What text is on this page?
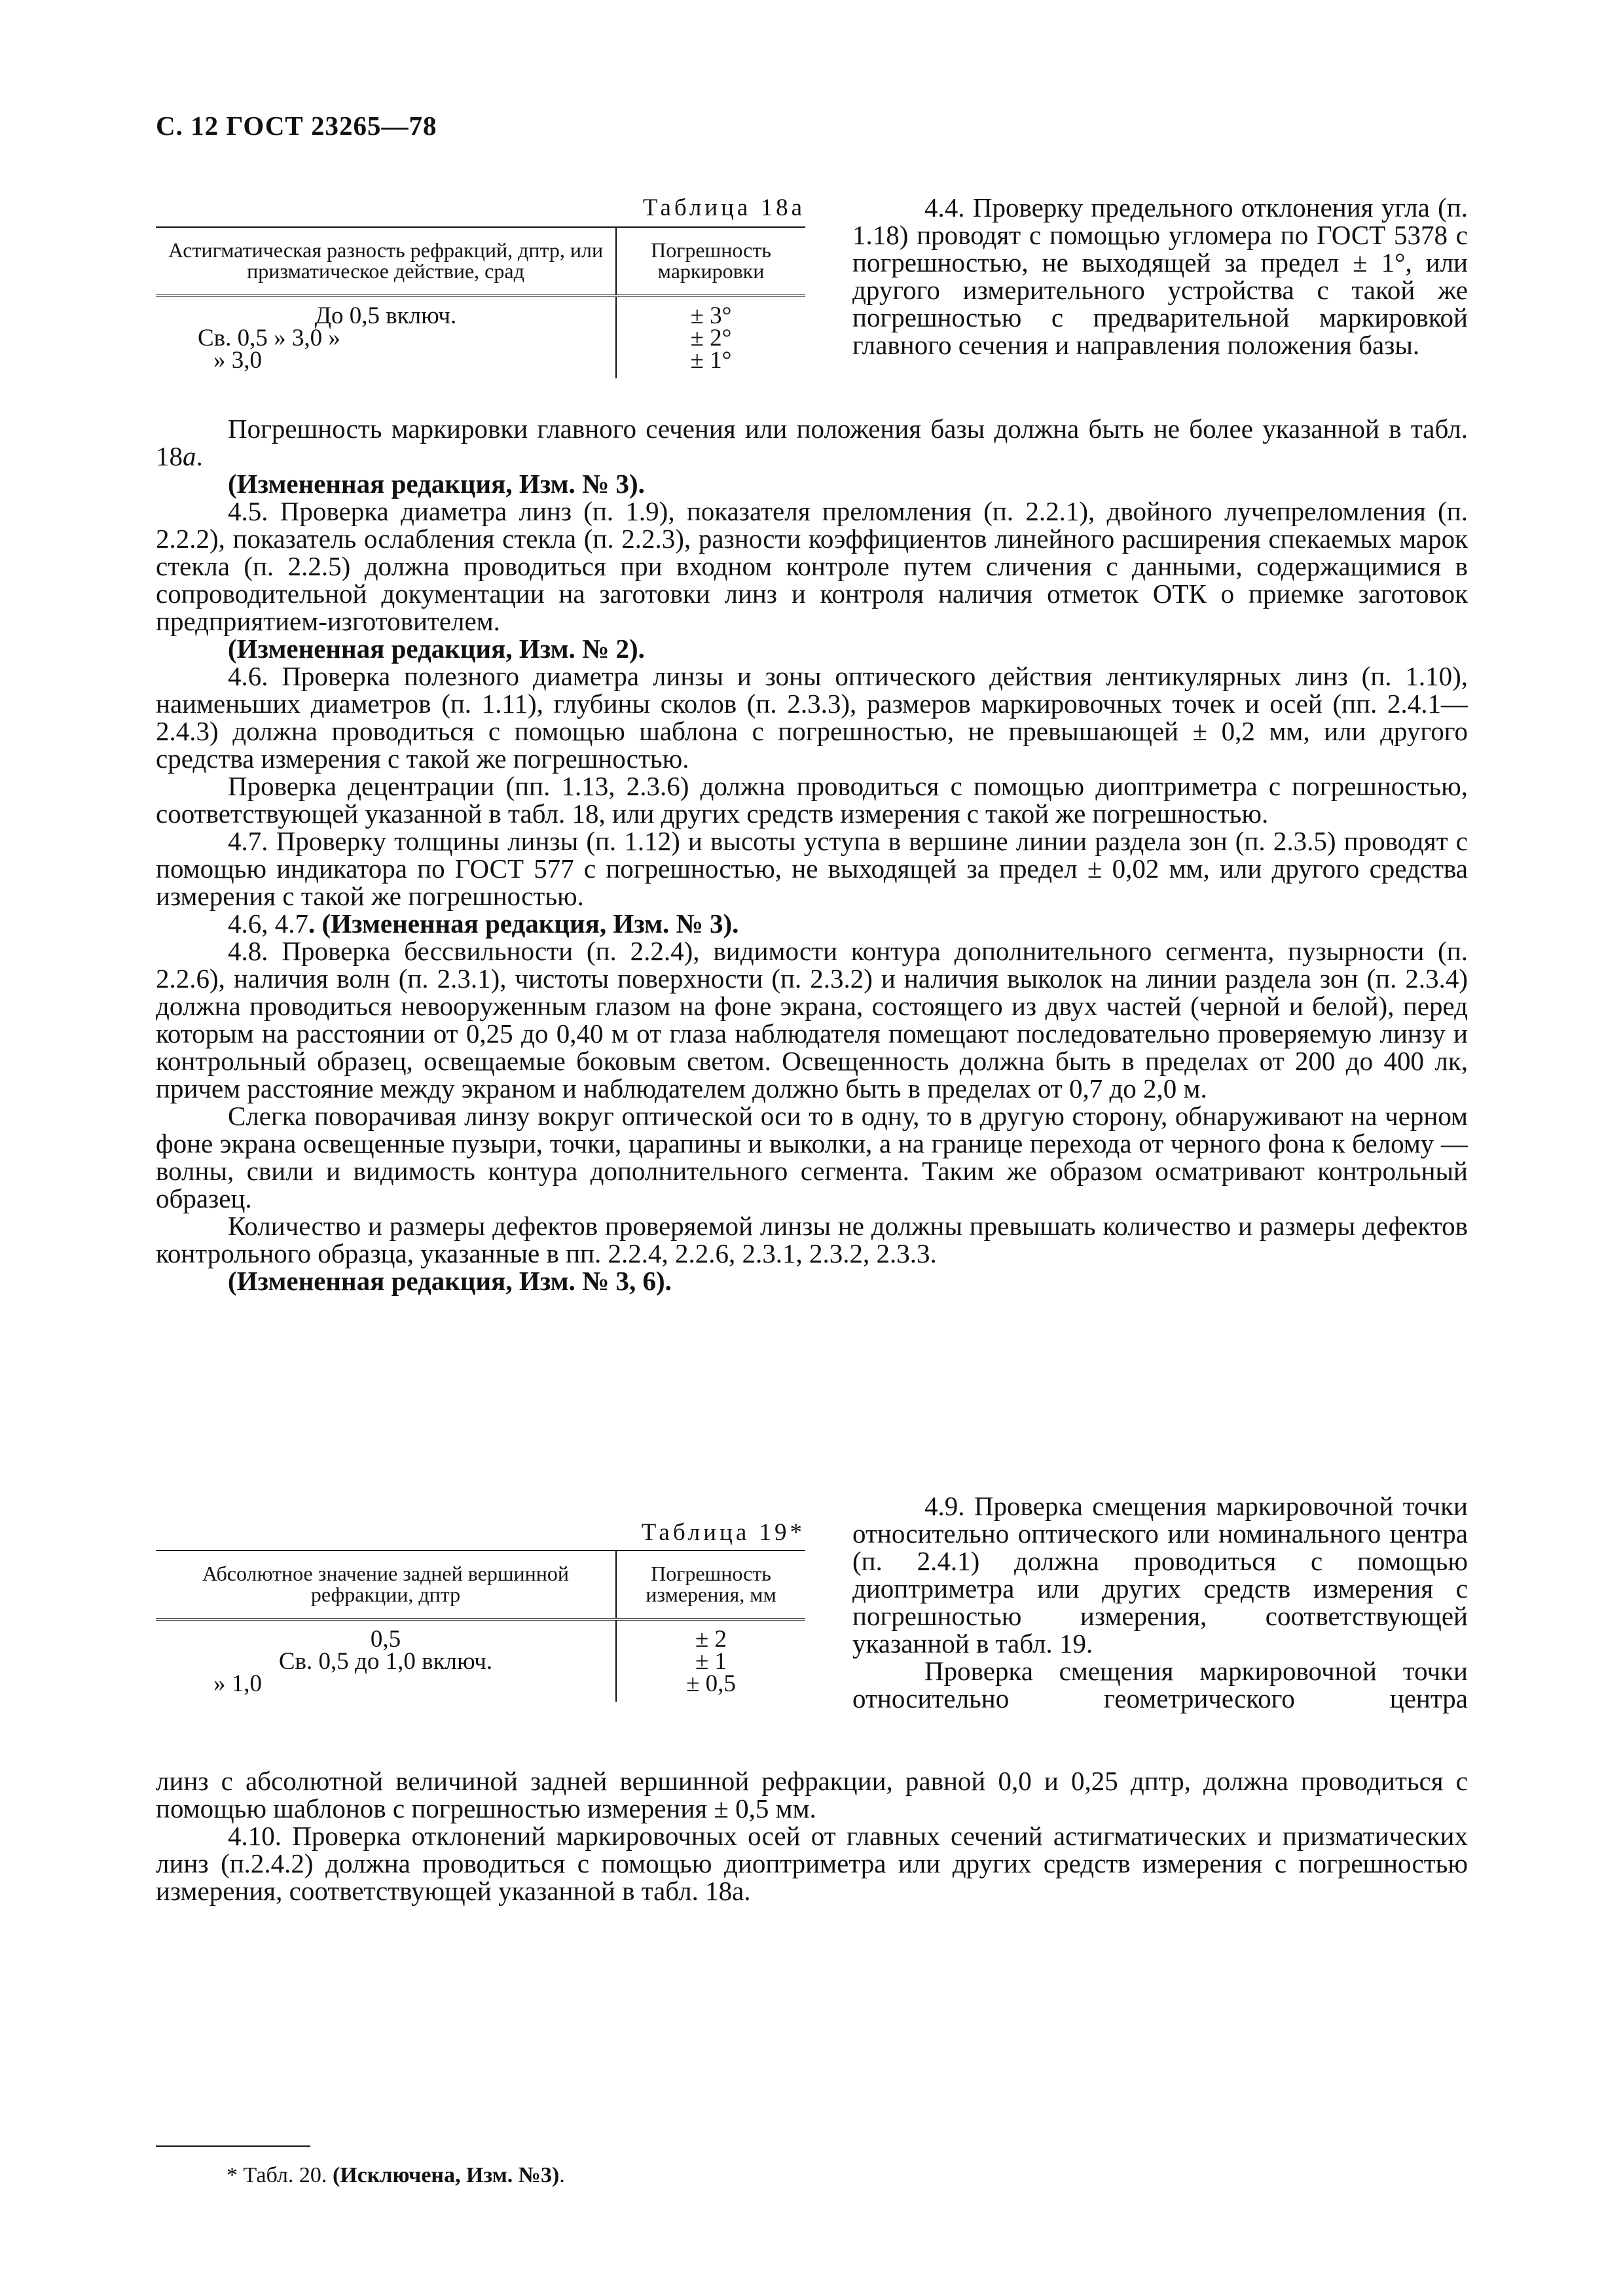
С. 12 ГОСТ 23265—78
Таблица 18а
Астигматическая разность рефракций, дптр, или призматическое действие, срад	Погрешность маркировки
До 0,5 включ.	± 3°
Св. 0,5 » 3,0 »	± 2°
» 3,0	± 1°

4.4. Проверку предельного отклонения угла (п. 1.18) проводят с помощью угломера по ГОСТ 5378 с погрешностью, не выходящей за предел ± 1°, или другого измерительного устройства с такой же погрешностью с предварительной маркировкой главного сечения и направления положения базы.

Погрешность маркировки главного сечения или положения базы должна быть не более указанной в табл. 18а.

(Измененная редакция, Изм. № 3).

4.5. Проверка диаметра линз (п. 1.9), показателя преломления (п. 2.2.1), двойного лучепреломления (п. 2.2.2), показатель ослабления стекла (п. 2.2.3), разности коэффициентов линейного расширения спекаемых марок стекла (п. 2.2.5) должна проводиться при входном контроле путем сличения с данными, содержащимися в сопроводительной документации на заготовки линз и контроля наличия отметок ОТК о приемке заготовок предприятием-изготовителем.

(Измененная редакция, Изм. № 2).

4.6. Проверка полезного диаметра линзы и зоны оптического действия лентикулярных линз (п. 1.10), наименьших диаметров (п. 1.11), глубины сколов (п. 2.3.3), размеров маркировочных точек и осей (пп. 2.4.1—2.4.3) должна проводиться с помощью шаблона с погрешностью, не превышающей ± 0,2 мм, или другого средства измерения с такой же погрешностью.

Проверка децентрации (пп. 1.13, 2.3.6) должна проводиться с помощью диоптриметра с погрешностью, соответствующей указанной в табл. 18, или других средств измерения с такой же погрешностью.

4.7. Проверку толщины линзы (п. 1.12) и высоты уступа в вершине линии раздела зон (п. 2.3.5) проводят с помощью индикатора по ГОСТ 577 с погрешностью, не выходящей за предел ± 0,02 мм, или другого средства измерения с такой же погрешностью.

4.6, 4.7. (Измененная редакция, Изм. № 3).

4.8. Проверка бессвильности (п. 2.2.4), видимости контура дополнительного сегмента, пузырности (п. 2.2.6), наличия волн (п. 2.3.1), чистоты поверхности (п. 2.3.2) и наличия выколок на линии раздела зон (п. 2.3.4) должна проводиться невооруженным глазом на фоне экрана, состоящего из двух частей (черной и белой), перед которым на расстоянии от 0,25 до 0,40 м от глаза наблюдателя помещают последовательно проверяемую линзу и контрольный образец, освещаемые боковым светом. Освещенность должна быть в пределах от 200 до 400 лк, причем расстояние между экраном и наблюдателем должно быть в пределах от 0,7 до 2,0 м.

Слегка поворачивая линзу вокруг оптической оси то в одну, то в другую сторону, обнаруживают на черном фоне экрана освещенные пузыри, точки, царапины и выколки, а на границе перехода от черного фона к белому — волны, свили и видимость контура дополнительного сегмента. Таким же образом осматривают контрольный образец.

Количество и размеры дефектов проверяемой линзы не должны превышать количество и размеры дефектов контрольного образца, указанные в пп. 2.2.4, 2.2.6, 2.3.1, 2.3.2, 2.3.3.

(Измененная редакция, Изм. № 3, 6).

Таблица 19*
Абсолютное значение задней вершинной рефракции, дптр	Погрешность измерения, мм
0,5	± 2
Св. 0,5 до 1,0 включ.	± 1
» 1,0	± 0,5

4.9. Проверка смещения маркировочной точки относительно оптического или номинального центра (п. 2.4.1) должна проводиться с помощью диоптриметра или других средств измерения с погрешностью измерения, соответствующей указанной в табл. 19.

Проверка смещения маркировочной точки относительно геометрического центра

линз с абсолютной величиной задней вершинной рефракции, равной 0,0 и 0,25 дптр, должна проводиться с помощью шаблонов с погрешностью измерения ± 0,5 мм.

4.10. Проверка отклонений маркировочных осей от главных сечений астигматических и призматических линз (п.2.4.2) должна проводиться с помощью диоптриметра или других средств измерения с погрешностью измерения, соответствующей указанной в табл. 18а.

* Табл. 20. (Исключена, Изм. №3).
